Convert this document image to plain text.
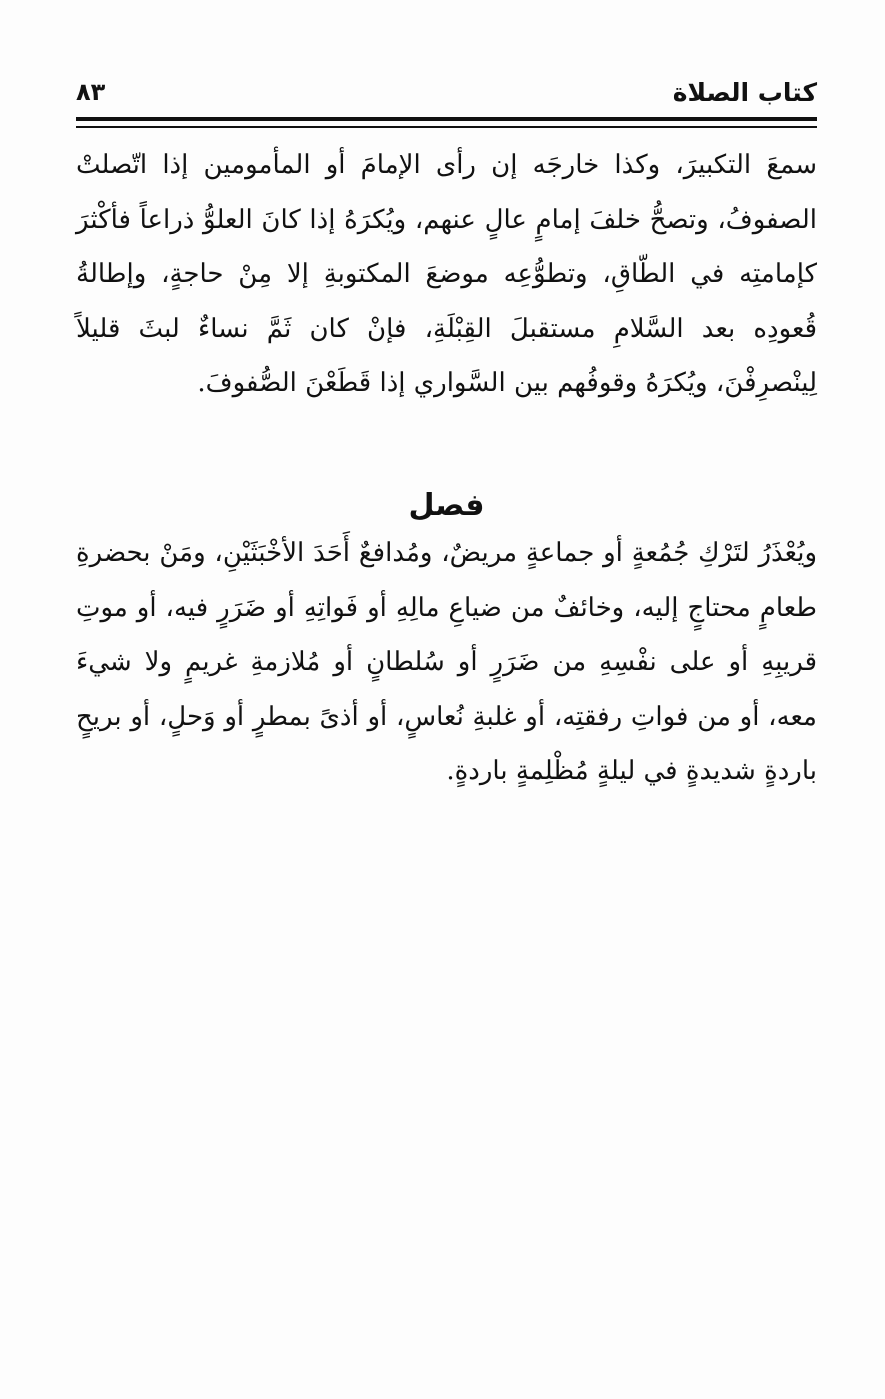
كتاب الصلاة
٨٣
سمعَ التكبيرَ، وكذا خارجَه إن رأى الإمامَ أو المأمومين إذا اتّصلتْ الصفوفُ، وتصحُّ خلفَ إمامٍ عالٍ عنهم، ويُكرَهُ إذا كانَ العلوُّ ذراعاً فأكْثرَ كإمامتِه في الطّاقِ، وتطوُّعِه موضعَ المكتوبةِ إلا مِنْ حاجةٍ، وإطالةُ قُعودِه بعد السَّلامِ مستقبلَ القِبْلَةِ، فإنْ كان ثَمَّ نساءٌ لبثَ قليلاً لِينْصرِفْنَ، ويُكرَهُ وقوفُهم بين السَّواري إذا قَطَعْنَ الصُّفوفَ.
فصل
ويُعْذَرُ لتَرْكِ جُمُعةٍ أو جماعةٍ مريضٌ، ومُدافعٌ أَحَدَ الأخْبَثَيْنِ، ومَنْ بحضرةِ طعامٍ محتاجٍ إليه، وخائفٌ من ضياعِ مالِهِ أو فَواتِهِ أو ضَرَرٍ فيه، أو موتِ قريبِهِ أو على نفْسِهِ من ضَرَرٍ أو سُلطانٍ أو مُلازمةِ غريمٍ ولا شيءَ معه، أو من فواتِ رفقتِه، أو غلبةِ نُعاسٍ، أو أذىً بمطرٍ أو وَحلٍ، أو بريحٍ باردةٍ شديدةٍ في ليلةٍ مُظْلِمةٍ باردةٍ.
